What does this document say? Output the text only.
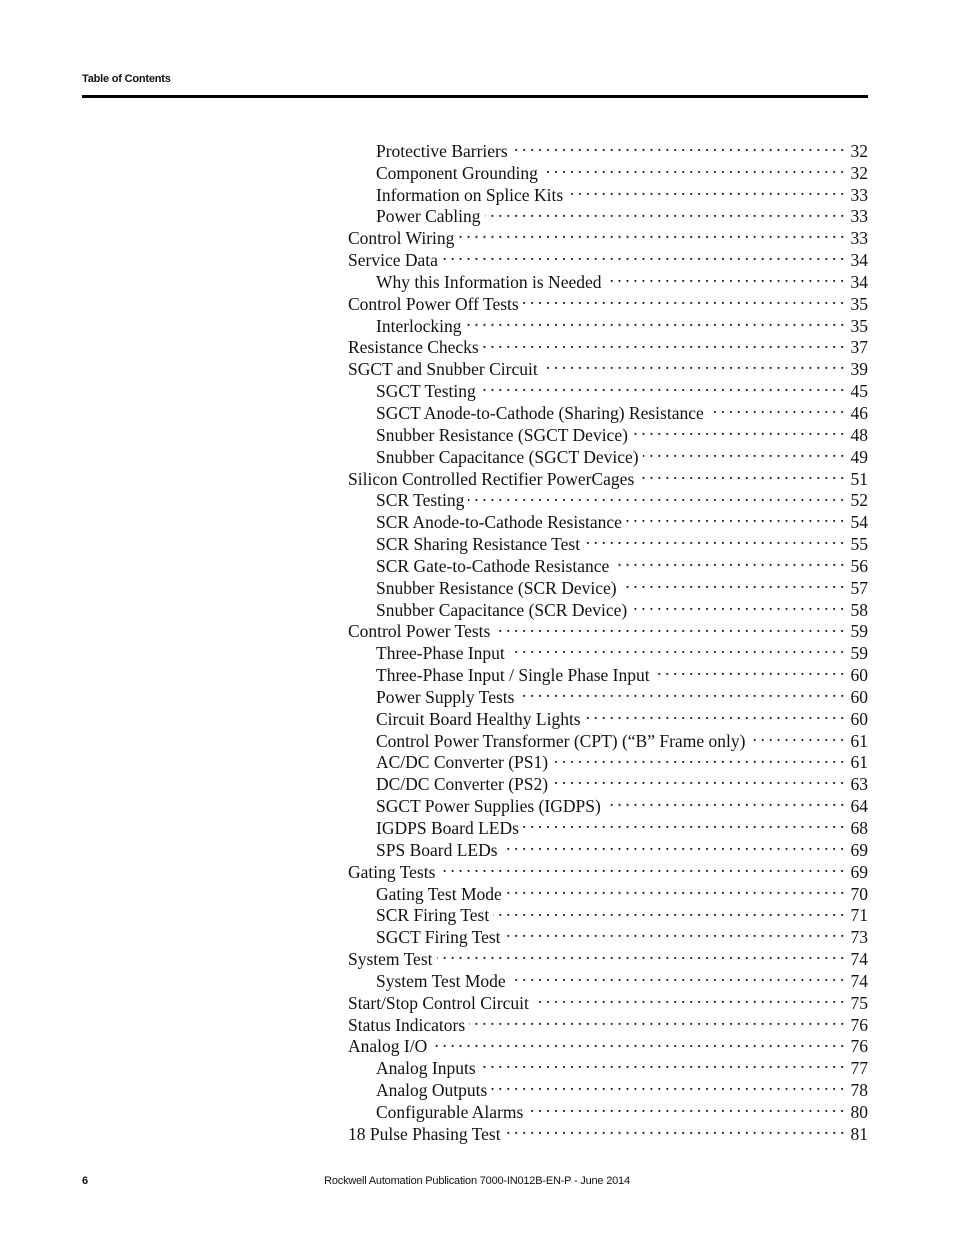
Table of Contents
Protective Barriers . . .	32
Component Grounding . . .	32
Information on Splice Kits . . .	33
Power Cabling . . .	33
Control Wiring . . .	33
Service Data . . .	34
Why this Information is Needed . . .	34
Control Power Off Tests . . .	35
Interlocking . . .	35
Resistance Checks . . .	37
SGCT and Snubber Circuit . . .	39
SGCT Testing . . .	45
SGCT Anode-to-Cathode (Sharing) Resistance . . .	46
Snubber Resistance (SGCT Device) . . .	48
Snubber Capacitance (SGCT Device) . . .	49
Silicon Controlled Rectifier PowerCages . . .	51
SCR Testing . . .	52
SCR Anode-to-Cathode Resistance . . .	54
SCR Sharing Resistance Test . . .	55
SCR Gate-to-Cathode Resistance . . .	56
Snubber Resistance (SCR Device) . . .	57
Snubber Capacitance (SCR Device) . . .	58
Control Power Tests . . .	59
Three-Phase Input . . .	59
Three-Phase Input / Single Phase Input . . .	60
Power Supply Tests . . .	60
Circuit Board Healthy Lights . . .	60
Control Power Transformer (CPT) (“B” Frame only) . . .	61
AC/DC Converter (PS1) . . .	61
DC/DC Converter (PS2) . . .	63
SGCT Power Supplies (IGDPS) . . .	64
IGDPS Board LEDs . . .	68
SPS Board LEDs . . .	69
Gating Tests . . .	69
Gating Test Mode . . .	70
SCR Firing Test . . .	71
SGCT Firing Test . . .	73
System Test . . .	74
System Test Mode . . .	74
Start/Stop Control Circuit . . .	75
Status Indicators . . .	76
Analog I/O . . .	76
Analog Inputs . . .	77
Analog Outputs . . .	78
Configurable Alarms . . .	80
18 Pulse Phasing Test . . .	81
6	Rockwell Automation Publication 7000-IN012B-EN-P - June 2014
